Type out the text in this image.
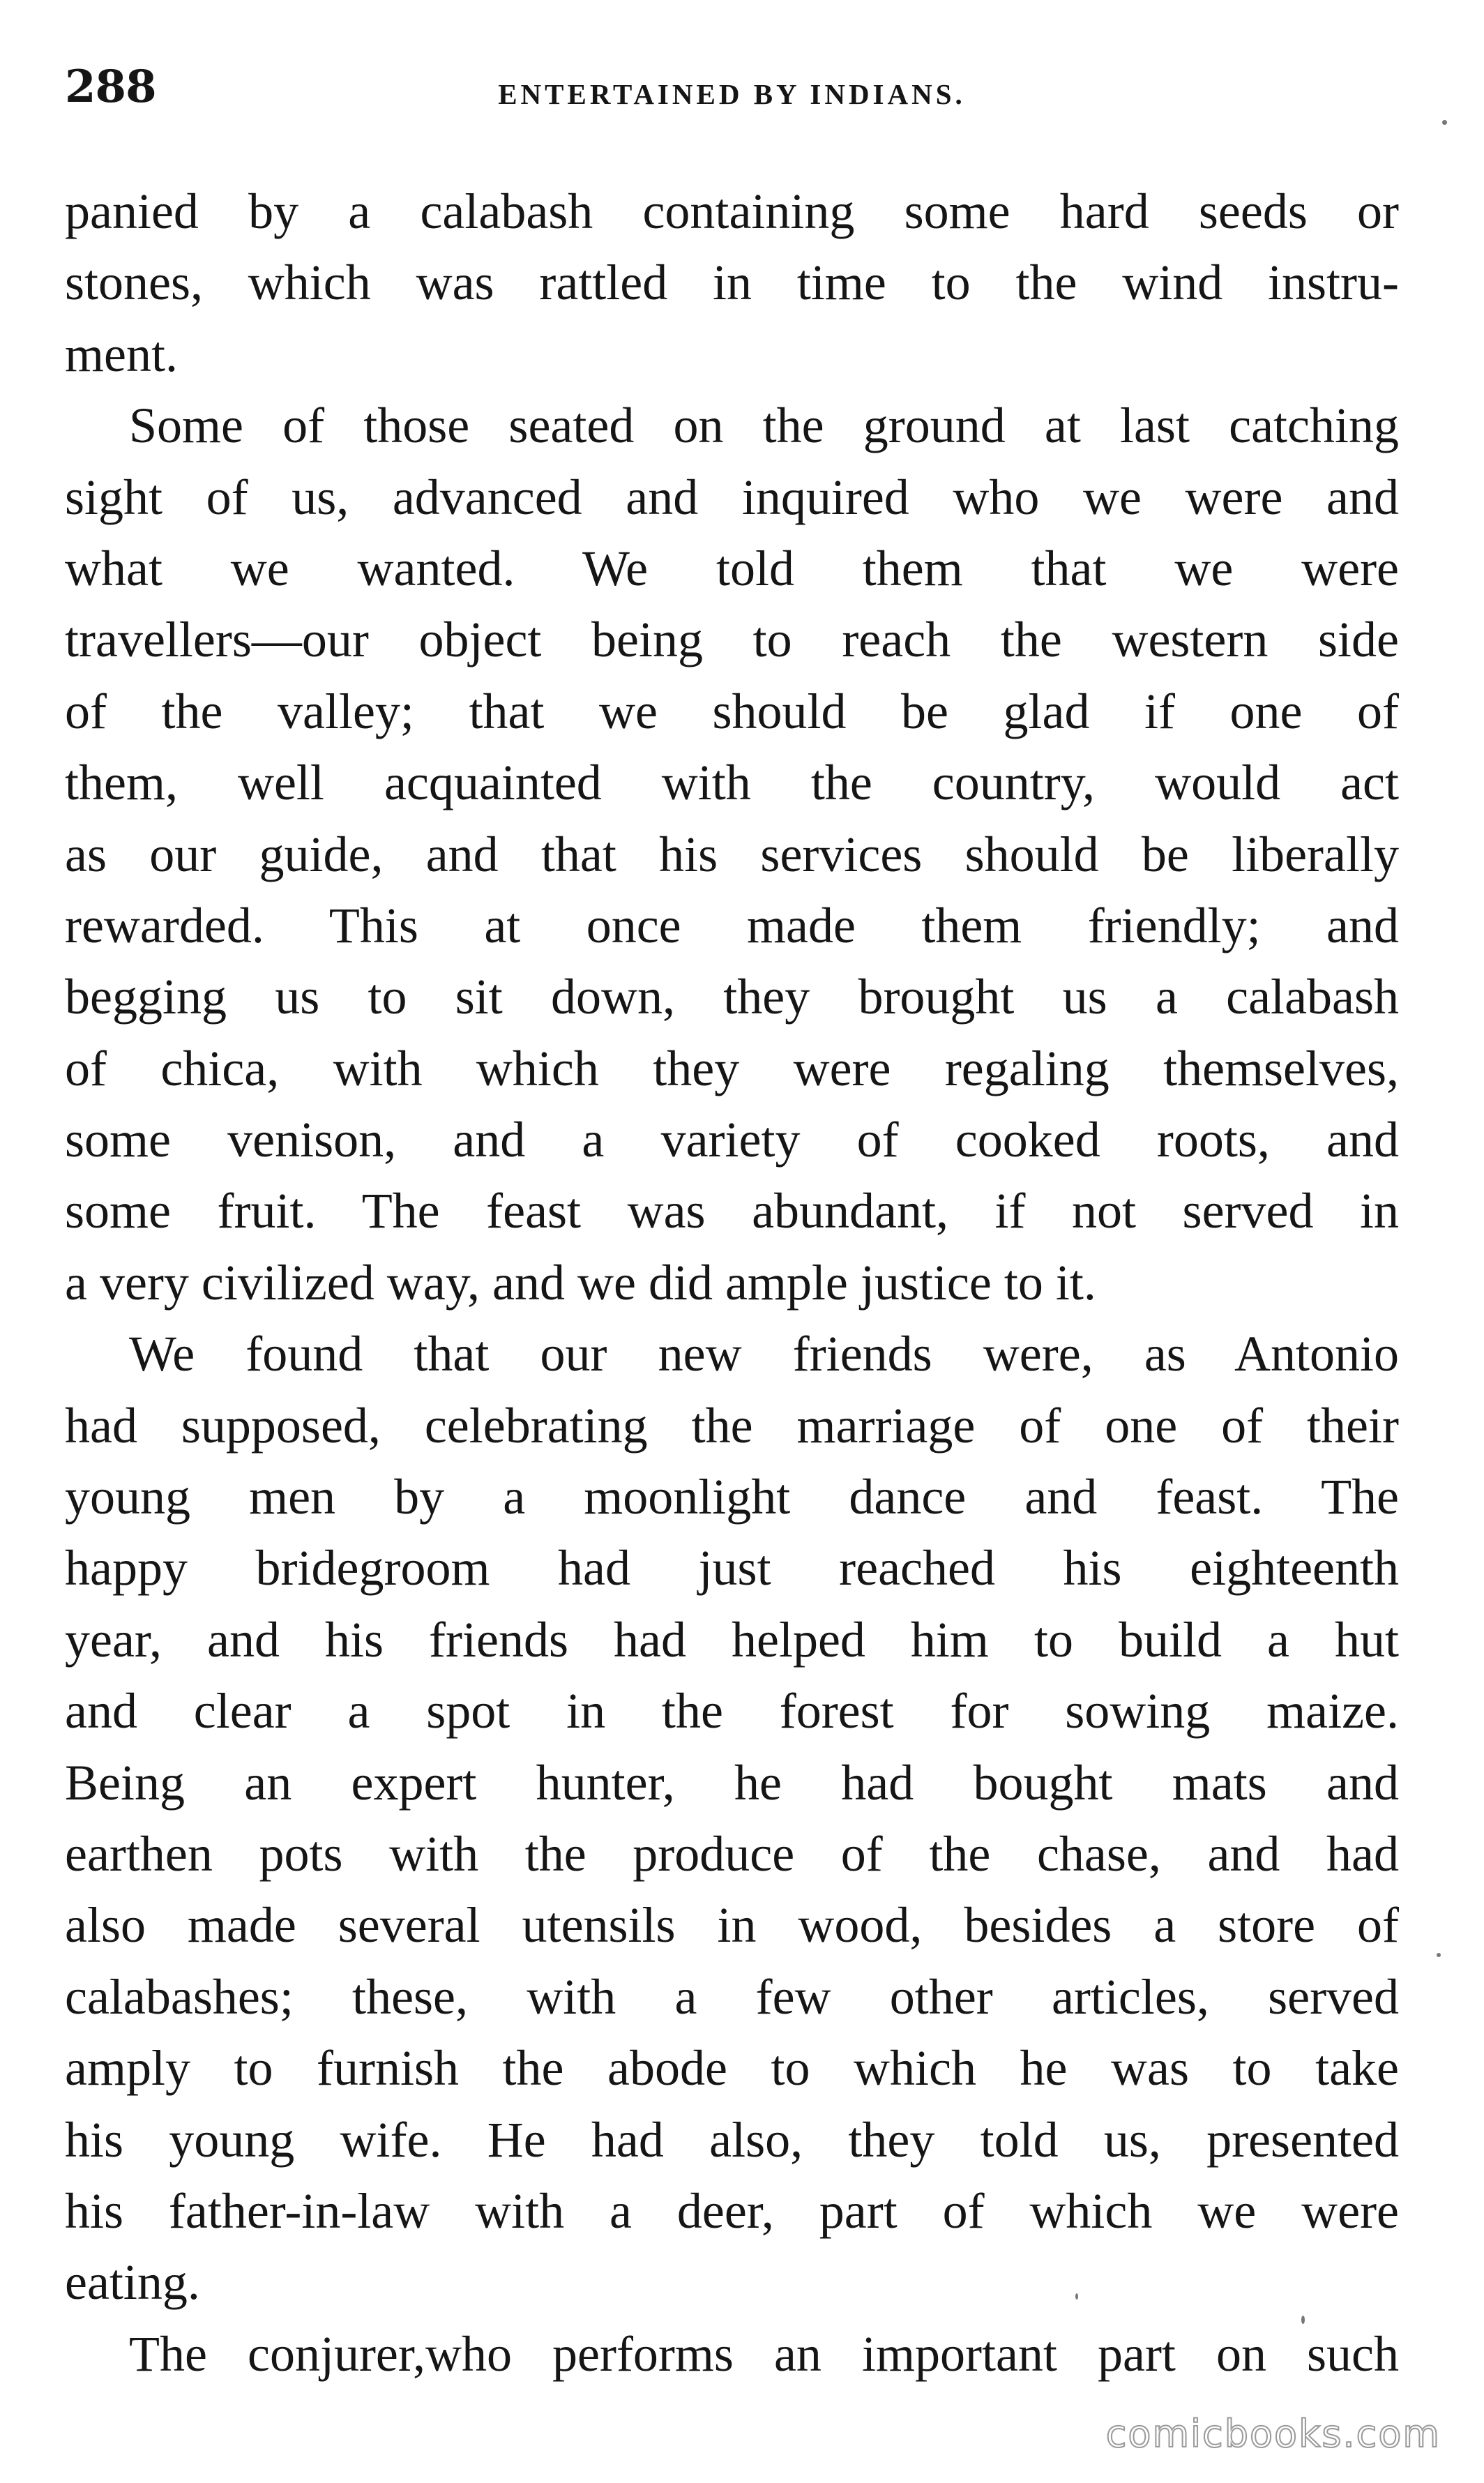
288	ENTERTAINED BY INDIANS.
panied by a calabash containing some hard seeds or
stones, which was rattled in time to the wind instru-
ment.
Some of those seated on the ground at last catching
sight of us, advanced and inquired who we were and
what we wanted. We told them that we were
travellers—our object being to reach the western side
of the valley; that we should be glad if one of
them, well acquainted with the country, would act
as our guide, and that his services should be liberally
rewarded. This at once made them friendly; and
begging us to sit down, they brought us a calabash
of chica, with which they were regaling themselves,
some venison, and a variety of cooked roots, and
some fruit. The feast was abundant, if not served in
a very civilized way, and we did ample justice to it.
We found that our new friends were, as Antonio
had supposed, celebrating the marriage of one of their
young men by a moonlight dance and feast. The
happy bridegroom had just reached his eighteenth
year, and his friends had helped him to build a hut
and clear a spot in the forest for sowing maize.
Being an expert hunter, he had bought mats and
earthen pots with the produce of the chase, and had
also made several utensils in wood, besides a store of
calabashes; these, with a few other articles, served
amply to furnish the abode to which he was to take
his young wife. He had also, they told us, presented
his father-in-law with a deer, part of which we were
eating.
The conjurer,who performs an important part on such
comicbooks.com
